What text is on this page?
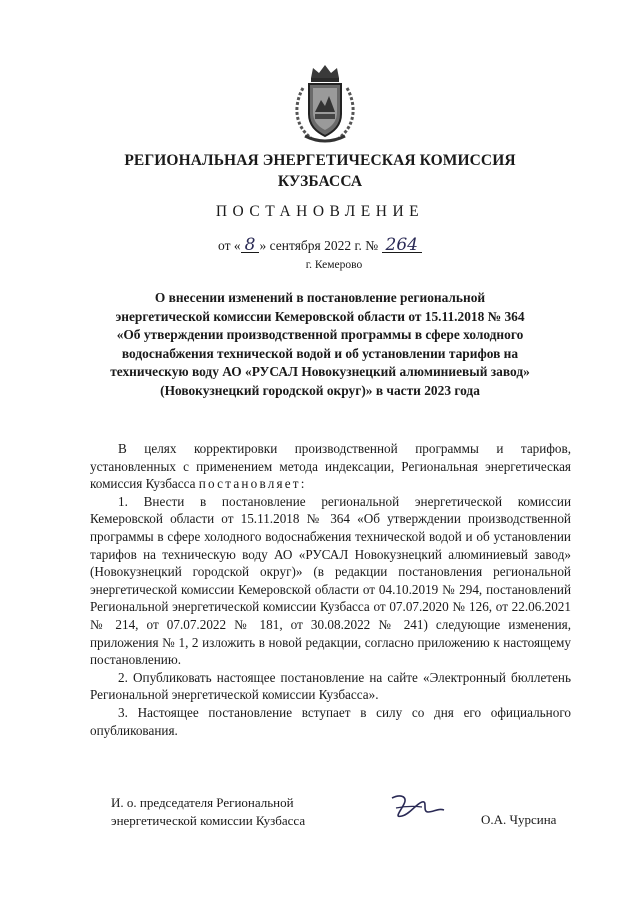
РЕГИОНАЛЬНАЯ ЭНЕРГЕТИЧЕСКАЯ КОМИССИЯ
КУЗБАССА
ПОСТАНОВЛЕНИЕ
от « 8 » сентября 2022 г. № 264
г. Кемерово
О внесении изменений в постановление региональной
энергетической комиссии Кемеровской области от 15.11.2018 № 364
«Об утверждении производственной программы в сфере холодного
водоснабжения технической водой и об установлении тарифов на
техническую воду АО «РУСАЛ Новокузнецкий алюминиевый завод»
(Новокузнецкий городской округ)» в части 2023 года

В целях корректировки производственной программы и тарифов, установленных с применением метода индексации, Региональная энергетическая комиссия Кузбасса постановляет:

1. Внести в постановление региональной энергетической комиссии Кемеровской области от 15.11.2018 № 364 «Об утверждении производственной программы в сфере холодного водоснабжения технической водой и об установлении тарифов на техническую воду АО «РУСАЛ Новокузнецкий алюминиевый завод» (Новокузнецкий городской округ)» (в редакции постановления региональной энергетической комиссии Кемеровской области от 04.10.2019 № 294, постановлений Региональной энергетической комиссии Кузбасса от 07.07.2020 № 126, от 22.06.2021 № 214, от 07.07.2022 № 181, от 30.08.2022 № 241) следующие изменения, приложения № 1, 2 изложить в новой редакции, согласно приложению к настоящему постановлению.

2. Опубликовать настоящее постановление на сайте «Электронный бюллетень Региональной энергетической комиссии Кузбасса».

3. Настоящее постановление вступает в силу со дня его официального опубликования.

И. о. председателя Региональной
энергетической комиссии Кузбасса	О.А. Чурсина
